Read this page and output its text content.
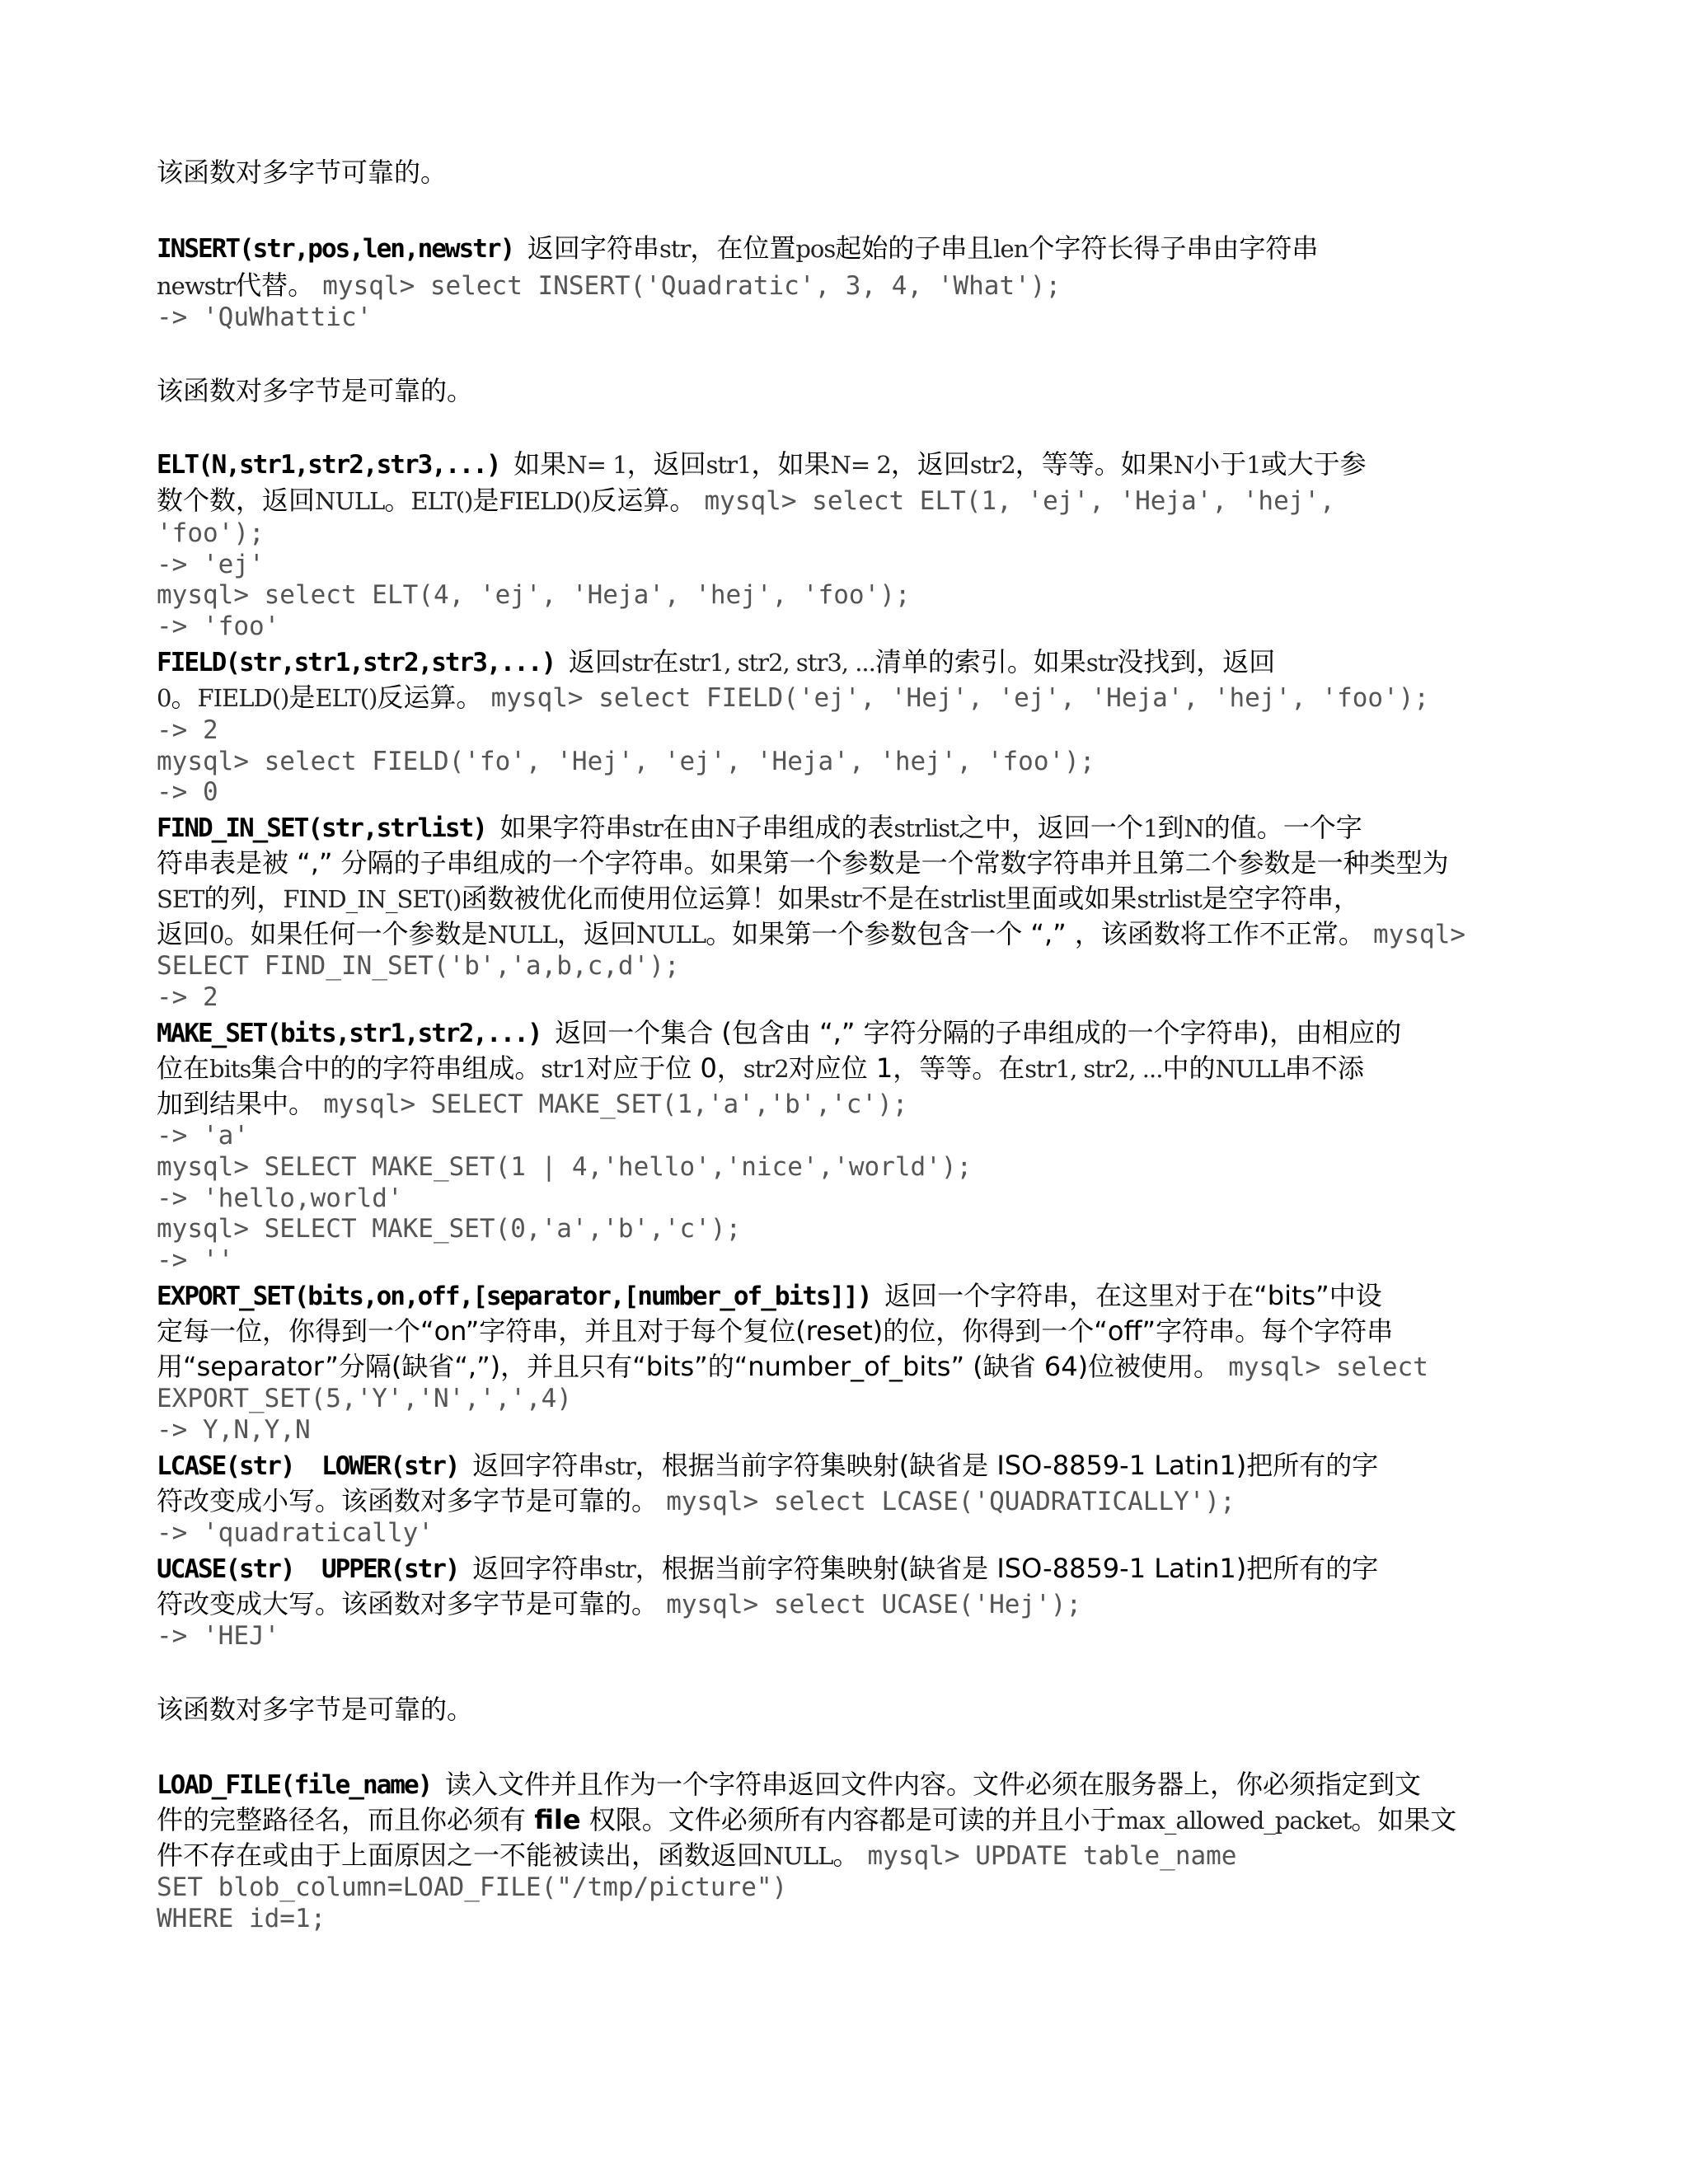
该函数对多字节可靠的。
INSERT(str,pos,len,newstr) 返回字符串str，在位置pos起始的子串且len个字符长得子串由字符串
newstr代替。 mysql> select INSERT('Quadratic', 3, 4, 'What');
-> 'QuWhattic'
该函数对多字节是可靠的。
ELT(N,str1,str2,str3,...) 如果N= 1，返回str1，如果N= 2，返回str2，等等。如果N小于1或大于参
数个数，返回NULL。ELT()是FIELD()反运算。 mysql> select ELT(1, 'ej', 'Heja', 'hej',
'foo');
-> 'ej'
mysql> select ELT(4, 'ej', 'Heja', 'hej', 'foo');
-> 'foo'
FIELD(str,str1,str2,str3,...) 返回str在str1, str2, str3, ...清单的索引。如果str没找到，返回
0。FIELD()是ELT()反运算。 mysql> select FIELD('ej', 'Hej', 'ej', 'Heja', 'hej', 'foo');
-> 2
mysql> select FIELD('fo', 'Hej', 'ej', 'Heja', 'hej', 'foo');
-> 0
FIND_IN_SET(str,strlist) 如果字符串str在由N子串组成的表strlist之中，返回一个1到N的值。一个字
符串表是被 “,” 分隔的子串组成的一个字符串。如果第一个参数是一个常数字符串并且第二个参数是一种类型为
SET的列，FIND_IN_SET()函数被优化而使用位运算！如果str不是在strlist里面或如果strlist是空字符串，
返回0。如果任何一个参数是NULL，返回NULL。如果第一个参数包含一个 “,” ，该函数将工作不正常。 mysql>
SELECT FIND_IN_SET('b','a,b,c,d');
-> 2
MAKE_SET(bits,str1,str2,...) 返回一个集合 (包含由 “,” 字符分隔的子串组成的一个字符串)，由相应的
位在bits集合中的的字符串组成。str1对应于位 0，str2对应位 1，等等。在str1, str2, ...中的NULL串不添
加到结果中。 mysql> SELECT MAKE_SET(1,'a','b','c');
-> 'a'
mysql> SELECT MAKE_SET(1 | 4,'hello','nice','world');
-> 'hello,world'
mysql> SELECT MAKE_SET(0,'a','b','c');
-> ''
EXPORT_SET(bits,on,off,[separator,[number_of_bits]]) 返回一个字符串，在这里对于在“bits”中设
定每一位，你得到一个“on”字符串，并且对于每个复位(reset)的位，你得到一个“off”字符串。每个字符串
用“separator”分隔(缺省“,”)，并且只有“bits”的“number_of_bits” (缺省 64)位被使用。 mysql> select
EXPORT_SET(5,'Y','N',',',4)
-> Y,N,Y,N
LCASE(str)  LOWER(str) 返回字符串str，根据当前字符集映射(缺省是 ISO-8859-1 Latin1)把所有的字
符改变成小写。该函数对多字节是可靠的。 mysql> select LCASE('QUADRATICALLY');
-> 'quadratically'
UCASE(str)  UPPER(str) 返回字符串str，根据当前字符集映射(缺省是 ISO-8859-1 Latin1)把所有的字
符改变成大写。该函数对多字节是可靠的。 mysql> select UCASE('Hej');
-> 'HEJ'
该函数对多字节是可靠的。
LOAD_FILE(file_name) 读入文件并且作为一个字符串返回文件内容。文件必须在服务器上，你必须指定到文
件的完整路径名，而且你必须有 file 权限。文件必须所有内容都是可读的并且小于max_allowed_packet。如果文
件不存在或由于上面原因之一不能被读出，函数返回NULL。 mysql> UPDATE table_name
SET blob_column=LOAD_FILE("/tmp/picture")
WHERE id=1;
